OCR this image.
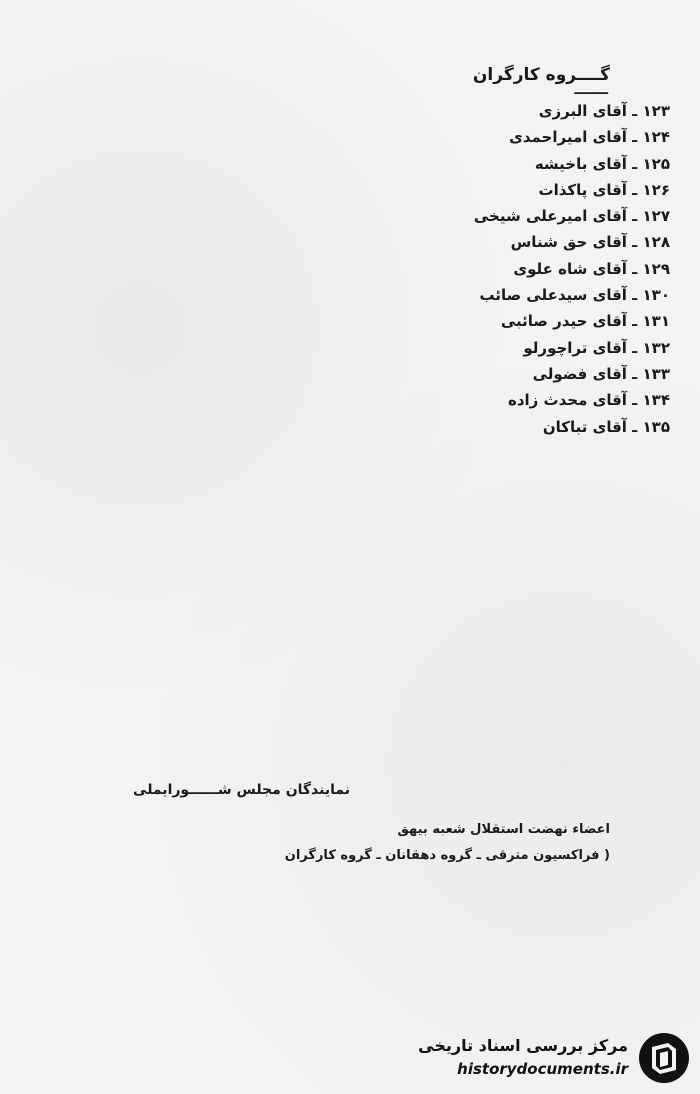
گــــروه کارگران
ـــــــ
۱۲۳ ـ آقای البرزی
۱۲۴ ـ آقای امیراحمدی
۱۲۵ ـ آقای باخیشه
۱۲۶ ـ آقای پاکذات
۱۲۷ ـ آقای امیرعلی شیخی
۱۲۸ ـ آقای حق شناس
۱۲۹ ـ آقای شاه علوی
۱۳۰ ـ آقای سیدعلی صائب
۱۳۱ ـ آقای حیدر صائبی
۱۳۲ ـ آقای تراچورلو
۱۳۳ ـ آقای فضولی
۱۳۴ ـ آقای محدث زاده
۱۳۵ ـ آقای تباکان
نمایندگان مجلس شــــــورایملی
اعضاء نهضت استقلال شعبه بیهق
( فراکسیون مترقی ـ گروه دهقانان ـ گروه کارگران
مرکز بررسی اسناد تاریخی
historydocuments.ir
